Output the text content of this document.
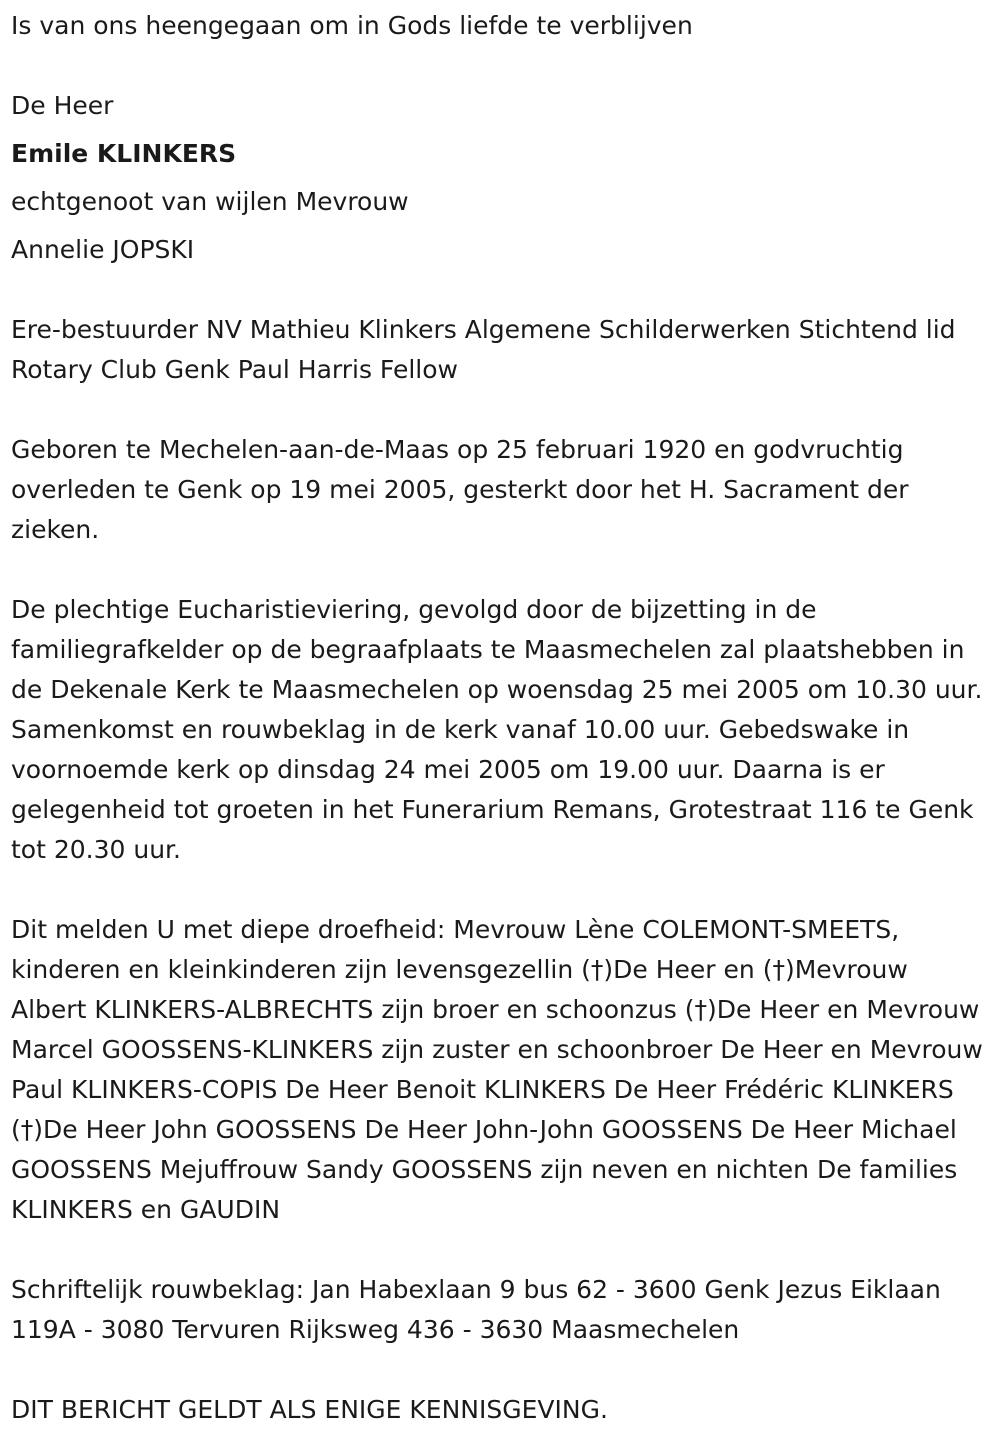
Is van ons heengegaan om in Gods liefde te verblijven

De Heer

Emile KLINKERS

echtgenoot van wijlen Mevrouw

Annelie JOPSKI

Ere-bestuurder NV Mathieu Klinkers Algemene Schilderwerken Stichtend lid Rotary Club Genk Paul Harris Fellow

Geboren te Mechelen-aan-de-Maas op 25 februari 1920 en godvruchtig overleden te Genk op 19 mei 2005, gesterkt door het H. Sacrament der zieken.

De plechtige Eucharistieviering, gevolgd door de bijzetting in de familiegrafkelder op de begraafplaats te Maasmechelen zal plaatshebben in de Dekenale Kerk te Maasmechelen op woensdag 25 mei 2005 om 10.30 uur. Samenkomst en rouwbeklag in de kerk vanaf 10.00 uur. Gebedswake in voornoemde kerk op dinsdag 24 mei 2005 om 19.00 uur. Daarna is er gelegenheid tot groeten in het Funerarium Remans, Grotestraat 116 te Genk tot 20.30 uur.

Dit melden U met diepe droefheid: Mevrouw Lène COLEMONT-SMEETS, kinderen en kleinkinderen zijn levensgezellin (†)De Heer en (†)Mevrouw Albert KLINKERS-ALBRECHTS zijn broer en schoonzus (†)De Heer en Mevrouw Marcel GOOSSENS-KLINKERS zijn zuster en schoonbroer De Heer en Mevrouw Paul KLINKERS-COPIS De Heer Benoit KLINKERS De Heer Frédéric KLINKERS (†)De Heer John GOOSSENS De Heer John-John GOOSSENS De Heer Michael GOOSSENS Mejuffrouw Sandy GOOSSENS zijn neven en nichten De families KLINKERS en GAUDIN

Schriftelijk rouwbeklag: Jan Habexlaan 9 bus 62 - 3600 Genk Jezus Eiklaan 119A - 3080 Tervuren Rijksweg 436 - 3630 Maasmechelen

DIT BERICHT GELDT ALS ENIGE KENNISGEVING.
